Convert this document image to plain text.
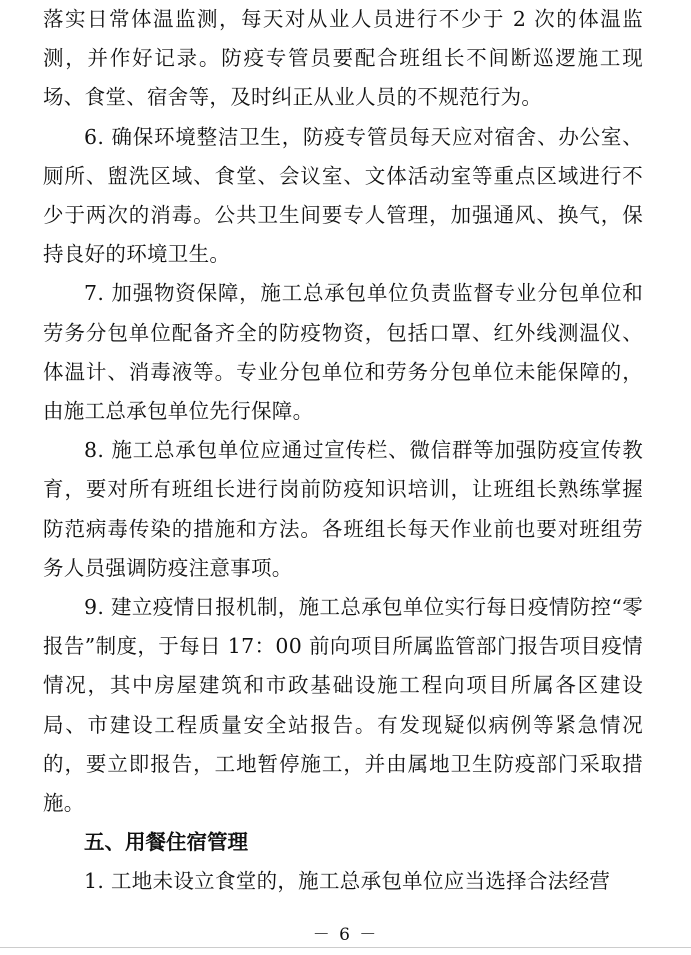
落实日常体温监测，每天对从业人员进行不少于 2 次的体温监测，并作好记录。防疫专管员要配合班组长不间断巡逻施工现场、食堂、宿舍等，及时纠正从业人员的不规范行为。

6. 确保环境整洁卫生，防疫专管员每天应对宿舍、办公室、厕所、盥洗区域、食堂、会议室、文体活动室等重点区域进行不少于两次的消毒。公共卫生间要专人管理，加强通风、换气，保持良好的环境卫生。

7. 加强物资保障，施工总承包单位负责监督专业分包单位和劳务分包单位配备齐全的防疫物资，包括口罩、红外线测温仪、体温计、消毒液等。专业分包单位和劳务分包单位未能保障的，由施工总承包单位先行保障。

8. 施工总承包单位应通过宣传栏、微信群等加强防疫宣传教育，要对所有班组长进行岗前防疫知识培训，让班组长熟练掌握防范病毒传染的措施和方法。各班组长每天作业前也要对班组劳务人员强调防疫注意事项。

9. 建立疫情日报机制，施工总承包单位实行每日疫情防控“零报告”制度，于每日 17：00 前向项目所属监管部门报告项目疫情情况，其中房屋建筑和市政基础设施工程向项目所属各区建设局、市建设工程质量安全站报告。有发现疑似病例等紧急情况的，要立即报告，工地暂停施工，并由属地卫生防疫部门采取措施。

五、用餐住宿管理

1. 工地未设立食堂的，施工总承包单位应当选择合法经营

－ 6 －
